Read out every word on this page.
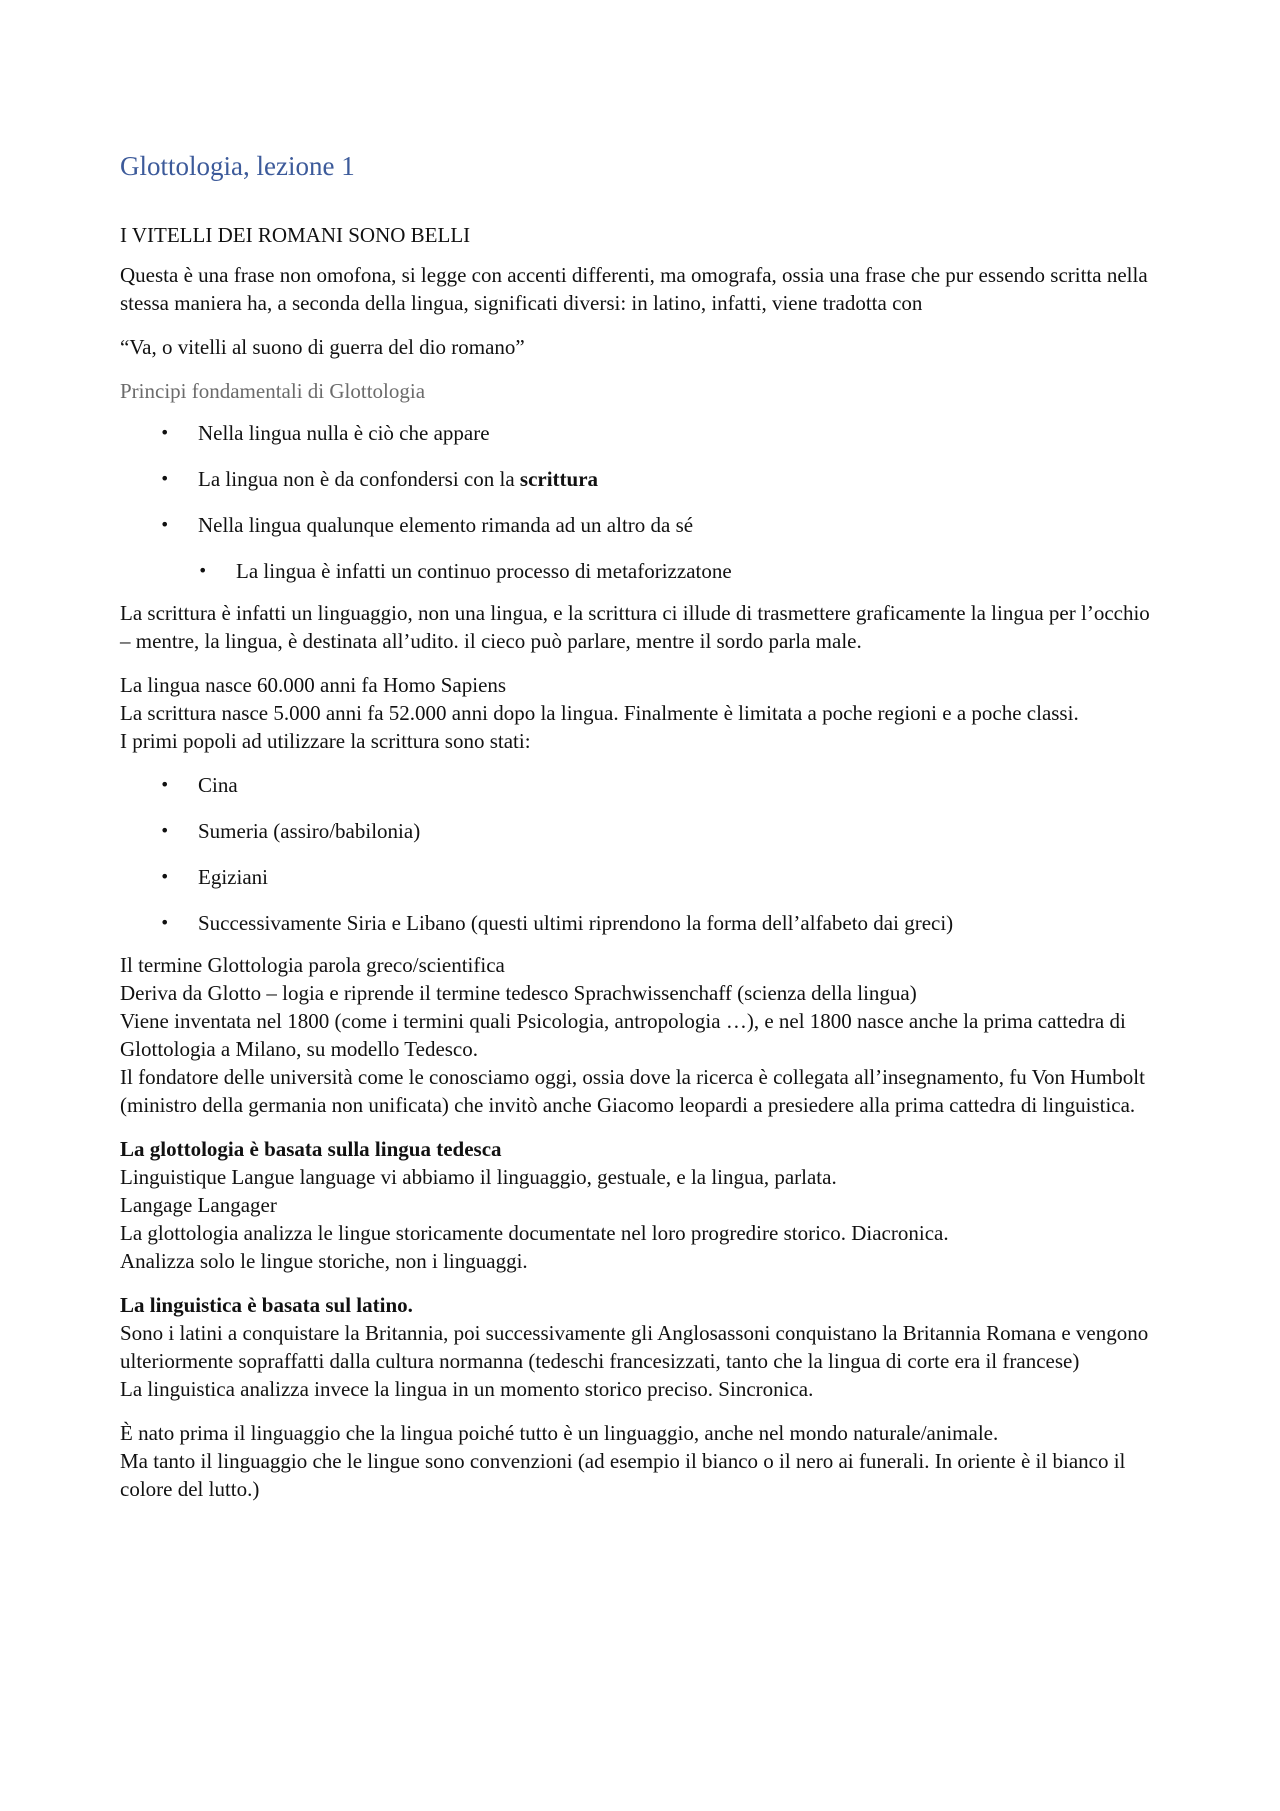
Glottologia, lezione 1

I VITELLI DEI ROMANI SONO BELLI

Questa è una frase non omofona, si legge con accenti differenti, ma omografa, ossia una frase che pur essendo scritta nella stessa maniera ha, a seconda della lingua, significati diversi: in latino, infatti, viene tradotta con

“Va, o vitelli al suono di guerra del dio romano”

Principi fondamentali di Glottologia

• Nella lingua nulla è ciò che appare
• La lingua non è da confondersi con la scrittura
• Nella lingua qualunque elemento rimanda ad un altro da sé
• La lingua è infatti un continuo processo di metaforizzatone

La scrittura è infatti un linguaggio, non una lingua, e la scrittura ci illude di trasmettere graficamente la lingua per l’occhio – mentre, la lingua, è destinata all’udito. il cieco può parlare, mentre il sordo parla male.

La lingua nasce 60.000 anni fa Homo Sapiens
La scrittura nasce 5.000 anni fa 52.000 anni dopo la lingua. Finalmente è limitata a poche regioni e a poche classi.
I primi popoli ad utilizzare la scrittura sono stati:

• Cina
• Sumeria (assiro/babilonia)
• Egiziani
• Successivamente Siria e Libano (questi ultimi riprendono la forma dell’alfabeto dai greci)

Il termine Glottologia parola greco/scientifica
Deriva da Glotto – logia e riprende il termine tedesco Sprachwissenchaff (scienza della lingua)
Viene inventata nel 1800 (come i termini quali Psicologia, antropologia …), e nel 1800 nasce anche la prima cattedra di Glottologia a Milano, su modello Tedesco.
Il fondatore delle università come le conosciamo oggi, ossia dove la ricerca è collegata all’insegnamento, fu Von Humbolt (ministro della germania non unificata) che invitò anche Giacomo leopardi a presiedere alla prima cattedra di linguistica.

La glottologia è basata sulla lingua tedesca
Linguistique Langue language vi abbiamo il linguaggio, gestuale, e la lingua, parlata.
Langage Langager
La glottologia analizza le lingue storicamente documentate nel loro progredire storico. Diacronica.
Analizza solo le lingue storiche, non i linguaggi.

La linguistica è basata sul latino.
Sono i latini a conquistare la Britannia, poi successivamente gli Anglosassoni conquistano la Britannia Romana e vengono ulteriormente sopraffatti dalla cultura normanna (tedeschi francesizzati, tanto che la lingua di corte era il francese)
La linguistica analizza invece la lingua in un momento storico preciso. Sincronica.

È nato prima il linguaggio che la lingua poiché tutto è un linguaggio, anche nel mondo naturale/animale.
Ma tanto il linguaggio che le lingue sono convenzioni (ad esempio il bianco o il nero ai funerali. In oriente è il bianco il colore del lutto.)
